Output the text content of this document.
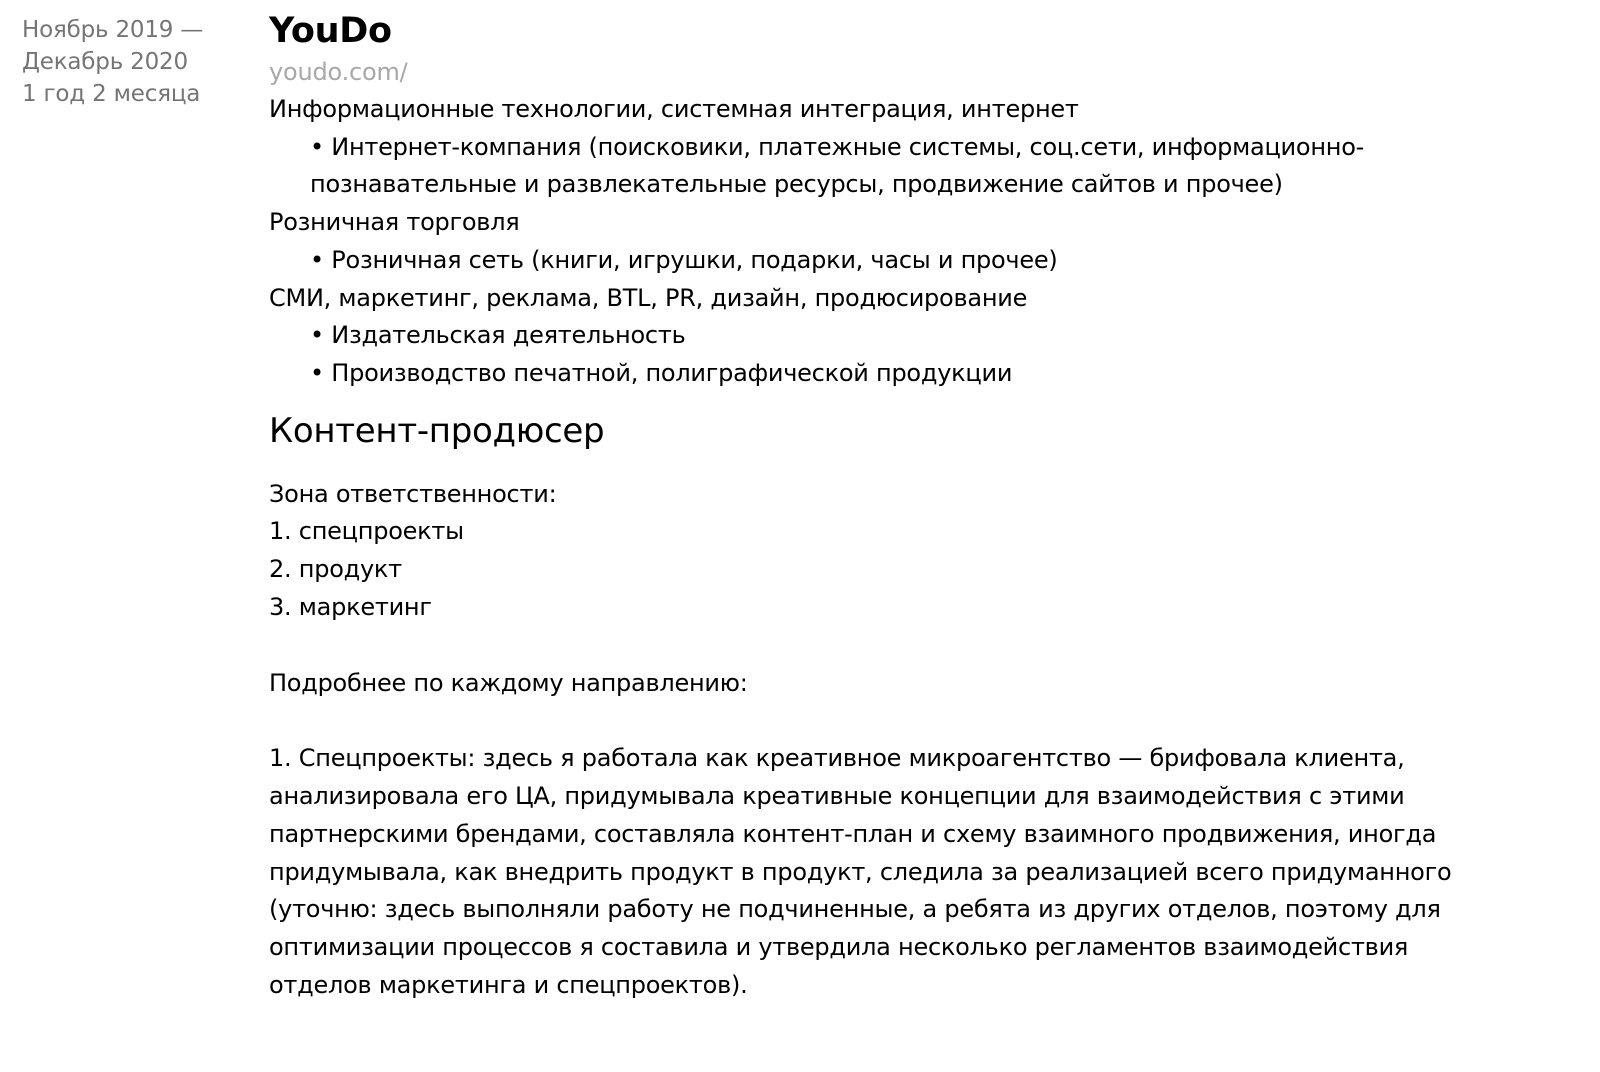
Ноябрь 2019 —
Декабрь 2020
1 год 2 месяца
YouDo
youdo.com/
Информационные технологии, системная интеграция, интернет
• Интернет-компания (поисковики, платежные системы, соц.сети, информационно-познавательные и развлекательные ресурсы, продвижение сайтов и прочее)
Розничная торговля
• Розничная сеть (книги, игрушки, подарки, часы и прочее)
СМИ, маркетинг, реклама, BTL, PR, дизайн, продюсирование
• Издательская деятельность
• Производство печатной, полиграфической продукции
Контент-продюсер
Зона ответственности:
1. спецпроекты
2. продукт
3. маркетинг
Подробнее по каждому направлению:
1. Спецпроекты: здесь я работала как креативное микроагентство — брифовала клиента, анализировала его ЦА, придумывала креативные концепции для взаимодействия с этими партнерскими брендами, составляла контент-план и схему взаимного продвижения, иногда придумывала, как внедрить продукт в продукт, следила за реализацией всего придуманного (уточню: здесь выполняли работу не подчиненные, а ребята из других отделов, поэтому для оптимизации процессов я составила и утвердила несколько регламентов взаимодействия отделов маркетинга и спецпроектов).
